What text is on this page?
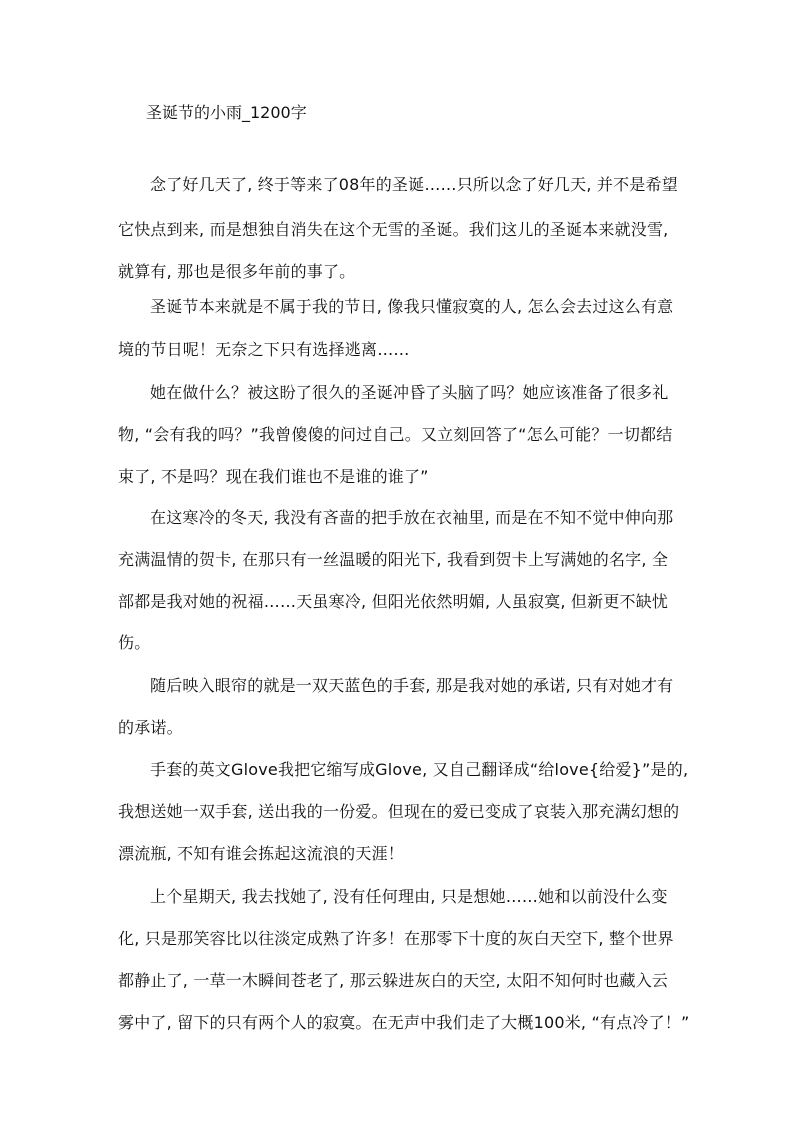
圣诞节的小雨_1200字
念了好几天了, 终于等来了08年的圣诞……只所以念了好几天, 并不是希望
它快点到来, 而是想独自消失在这个无雪的圣诞。我们这儿的圣诞本来就没雪,
就算有, 那也是很多年前的事了。
圣诞节本来就是不属于我的节日, 像我只懂寂寞的人, 怎么会去过这么有意
境的节日呢！无奈之下只有选择逃离……
她在做什么？被这盼了很久的圣诞冲昏了头脑了吗？她应该准备了很多礼
物, “会有我的吗？”我曾傻傻的问过自己。又立刻回答了“怎么可能？一切都结
束了, 不是吗？现在我们谁也不是谁的谁了”
在这寒冷的冬天, 我没有吝啬的把手放在衣袖里, 而是在不知不觉中伸向那
充满温情的贺卡, 在那只有一丝温暖的阳光下, 我看到贺卡上写满她的名字, 全
部都是我对她的祝福……天虽寒冷, 但阳光依然明媚, 人虽寂寞, 但新更不缺忧
伤。
随后映入眼帘的就是一双天蓝色的手套, 那是我对她的承诺, 只有对她才有
的承诺。
手套的英文Glove我把它缩写成Glove, 又自己翻译成“给love{给爱}”是的,
我想送她一双手套, 送出我的一份爱。但现在的爱已变成了哀装入那充满幻想的
漂流瓶, 不知有谁会拣起这流浪的天涯！
上个星期天, 我去找她了, 没有任何理由, 只是想她……她和以前没什么变
化, 只是那笑容比以往淡定成熟了许多！在那零下十度的灰白天空下, 整个世界
都静止了, 一草一木瞬间苍老了, 那云躲进灰白的天空, 太阳不知何时也藏入云
雾中了, 留下的只有两个人的寂寞。在无声中我们走了大概100米, “有点冷了！”
